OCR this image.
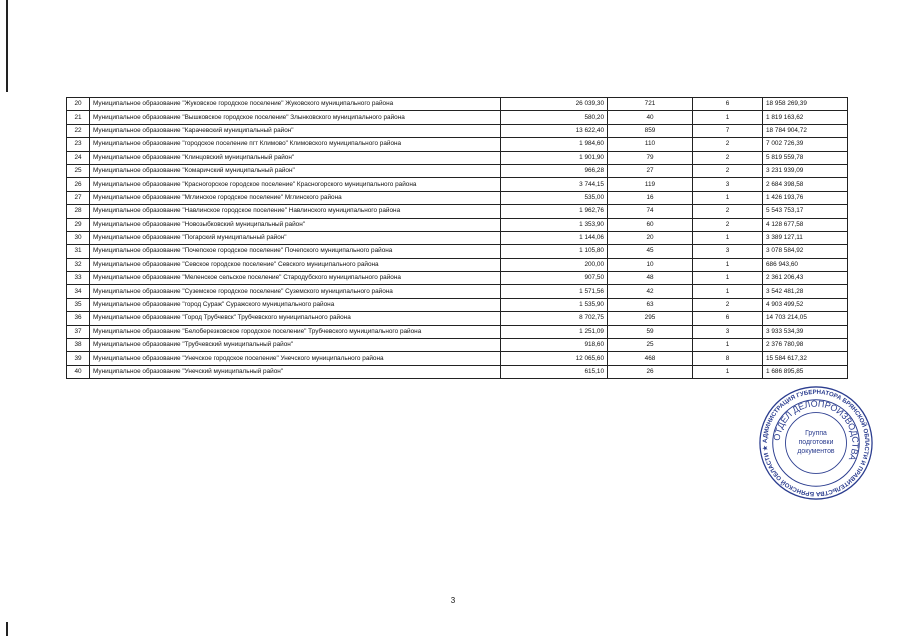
20	Муниципальное образование "Жуковское городское поселение" Жуковского муниципального района	26 039,30	721	6	18 958 269,39
21	Муниципальное образование "Вышковское городское поселение" Злынковского муниципального района	580,20	40	1	1 819 163,62
22	Муниципальное образование "Карачевский муниципальный район"	13 622,40	859	7	18 784 904,72
23	Муниципальное образование "городское поселение пгт Климово" Климовского муниципального района	1 984,60	110	2	7 002 726,39
24	Муниципальное образование "Клинцовский муниципальный район"	1 901,90	79	2	5 819 559,78
25	Муниципальное образование "Комаричский муниципальный район"	966,28	27	2	3 231 939,09
26	Муниципальное образование "Красногорское городское поселение" Красногорского муниципального района	3 744,15	119	3	2 684 398,58
27	Муниципальное образование "Мглинское городское поселение" Мглинского района	535,00	16	1	1 426 193,76
28	Муниципальное образование "Навлинское городское поселение" Навлинского муниципального района	1 962,76	74	2	5 543 753,17
29	Муниципальное образование "Новозыбковский муниципальный район"	1 353,90	60	2	4 128 677,58
30	Муниципальное образование "Погарский муниципальный район"	1 144,06	20	1	3 389 127,11
31	Муниципальное образование "Почепское городское поселение" Почепского муниципального района	1 105,80	45	3	3 078 584,92
32	Муниципальное образование "Севское городское поселение" Севского муниципального района	200,00	10	1	686 943,60
33	Муниципальное образование "Меленское сельское поселение" Стародубского муниципального района	907,50	48	1	2 361 206,43
34	Муниципальное образование "Суземское городское поселение" Суземского муниципального района	1 571,56	42	1	3 542 481,28
35	Муниципальное образование "город Сураж" Суражского муниципального района	1 535,90	63	2	4 903 499,52
36	Муниципальное образование "Город Трубчевск" Трубчевского муниципального района	8 702,75	295	6	14 703 214,05
37	Муниципальное образование "Белоберезковское городское поселение" Трубчевского муниципального района	1 251,09	59	3	3 933 534,39
38	Муниципальное образование "Трубчевский муниципальный район"	918,60	25	1	2 376 780,98
39	Муниципальное образование "Унечское городское поселение" Унечского муниципального района	12 065,60	468	8	15 584 617,32
40	Муниципальное образование "Унечский муниципальный район"	615,10	26	1	1 686 895,85
3
АДМИНИСТРАЦИЯ ГУБЕРНАТОРА БРЯНСКОЙ ОБЛАСТИ И ПРАВИТЕЛЬСТВА БРЯНСКОЙ ОБЛАСТИ ★
ОТДЕЛ ДЕЛОПРОИЗВОДСТВА
Группа
подготовки
документов
